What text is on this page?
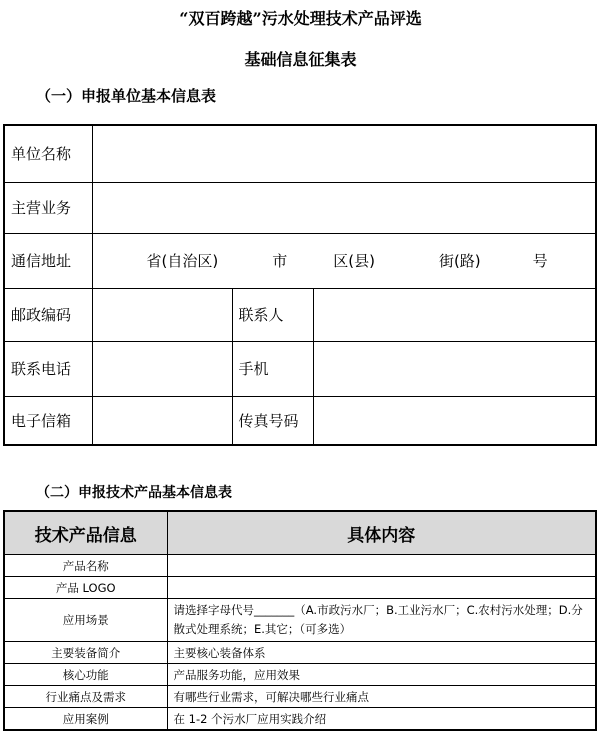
“双百跨越”污水处理技术产品评选
基础信息征集表
（一）申报单位基本信息表
单位名称			
主营业务			
通信地址	省(自治区) 市 区(县) 街(路) 号		

邮政编码		联系人	
联系电话		手机	
电子信箱		传真号码	
（二）申报技术产品基本信息表
技术产品信息	具体内容
产品名称	
产品 LOGO	
应用场景	请选择字母代号_______（A.市政污水厂；B.工业污水厂；C.农村污水处理；D.分散式处理系统；E.其它；（可多选）
主要装备简介	主要核心装备体系
核心功能	产品服务功能，应用效果
行业痛点及需求	有哪些行业需求，可解决哪些行业痛点
应用案例	在 1-2 个污水厂应用实践介绍
